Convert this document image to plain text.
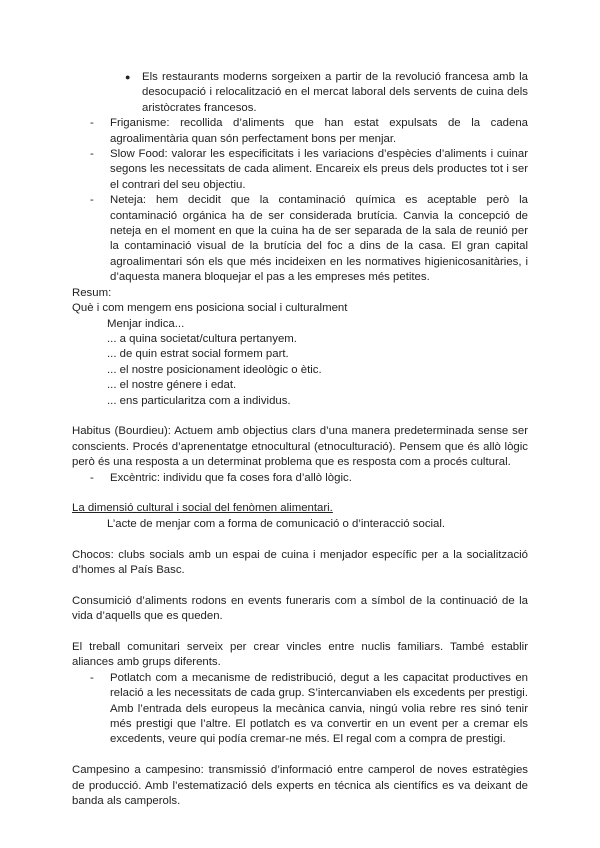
● Els restaurants moderns sorgeixen a partir de la revolució francesa amb la desocupació i relocalització en el mercat laboral dels servents de cuina dels aristòcrates francesos.
- Friganisme: recollida d’aliments que han estat expulsats de la cadena agroalimentària quan són perfectament bons per menjar.
- Slow Food: valorar les especificitats i les variacions d’espècies d’aliments i cuinar segons les necessitats de cada aliment. Encareix els preus dels productes tot i ser el contrari del seu objectiu.
- Neteja: hem decidit que la contaminació química es aceptable però la contaminació orgánica ha de ser considerada brutícia. Canvia la concepció de neteja en el moment en que la cuina ha de ser separada de la sala de reunió per la contaminació visual de la brutícia del foc a dins de la casa. El gran capital agroalimentari són els que més incideixen en les normatives higienicosanitàries, i d’aquesta manera bloquejar el pas a les empreses més petites.

Resum:

Què i com mengem ens posiciona social i culturalment

Menjar indica...

... a quina societat/cultura pertanyem.

... de quin estrat social formem part.

... el nostre posicionament ideològic o ètic.

... el nostre génere i edat.

... ens particularitza com a individus.

Habitus (Bourdieu): Actuem amb objectius clars d’una manera predeterminada sense ser conscients. Procés d’aprenentatge etnocultural (etnoculturació). Pensem que és allò lògic però és una resposta a un determinat problema que es resposta com a procés cultural.

- Excèntric: individu que fa coses fora d’allò lògic.

La dimensió cultural i social del fenòmen alimentari.

L’acte de menjar com a forma de comunicació o d’interacció social.

Chocos: clubs socials amb un espai de cuina i menjador específic per a la socialització d’homes al País Basc.

Consumició d’aliments rodons en events funeraris com a símbol de la continuació de la vida d’aquells que es queden.

El treball comunitari serveix per crear vincles entre nuclis familiars. També establir aliances amb grups diferents.

- Potlatch com a mecanisme de redistribució, degut a les capacitat productives en relació a les necessitats de cada grup. S’intercanviaben els excedents per prestigi. Amb l’entrada dels europeus la mecànica canvia, ningú volia rebre res sinó tenir més prestigi que l’altre. El potlatch es va convertir en un event per a cremar els excedents, veure qui podía cremar-ne més. El regal com a compra de prestigi.

Campesino a campesino: transmissió d’informació entre camperol de noves estratègies de producció. Amb l’estematizació dels experts en técnica als científics es va deixant de banda als camperols.
